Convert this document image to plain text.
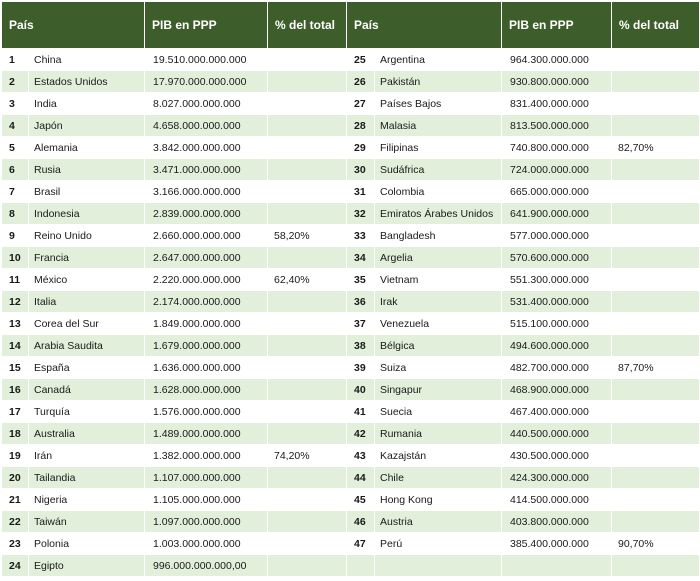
País		PIB en PPP	% del total	País		PIB en PPP	% del total
1	China	19.510.000.000.000		25	Argentina	964.300.000.000	
2	Estados Unidos	17.970.000.000.000		26	Pakistán	930.800.000.000	
3	India	8.027.000.000.000		27	Países Bajos	831.400.000.000	
4	Japón	4.658.000.000.000		28	Malasia	813.500.000.000	
5	Alemania	3.842.000.000.000		29	Filipinas	740.800.000.000	82,70%
6	Rusia	3.471.000.000.000		30	Sudáfrica	724.000.000.000	
7	Brasil	3.166.000.000.000		31	Colombia	665.000.000.000	
8	Indonesia	2.839.000.000.000		32	Emiratos Árabes Unidos	641.900.000.000	
9	Reino Unido	2.660.000.000.000	58,20%	33	Bangladesh	577.000.000.000	
10	Francia	2.647.000.000.000		34	Argelia	570.600.000.000	
11	México	2.220.000.000.000	62,40%	35	Vietnam	551.300.000.000	
12	Italia	2.174.000.000.000		36	Irak	531.400.000.000	
13	Corea del Sur	1.849.000.000.000		37	Venezuela	515.100.000.000	
14	Arabia Saudita	1.679.000.000.000		38	Bélgica	494.600.000.000	
15	España	1.636.000.000.000		39	Suiza	482.700.000.000	87,70%
16	Canadá	1.628.000.000.000		40	Singapur	468.900.000.000	
17	Turquía	1.576.000.000.000		41	Suecia	467.400.000.000	
18	Australia	1.489.000.000.000		42	Rumania	440.500.000.000	
19	Irán	1.382.000.000.000	74,20%	43	Kazajstán	430.500.000.000	
20	Tailandia	1.107.000.000.000		44	Chile	424.300.000.000	
21	Nigeria	1.105.000.000.000		45	Hong Kong	414.500.000.000	
22	Taiwán	1.097.000.000.000		46	Austria	403.800.000.000	
23	Polonia	1.003.000.000.000		47	Perú	385.400.000.000	90,70%
24	Egipto	996.000.000.000,00					
